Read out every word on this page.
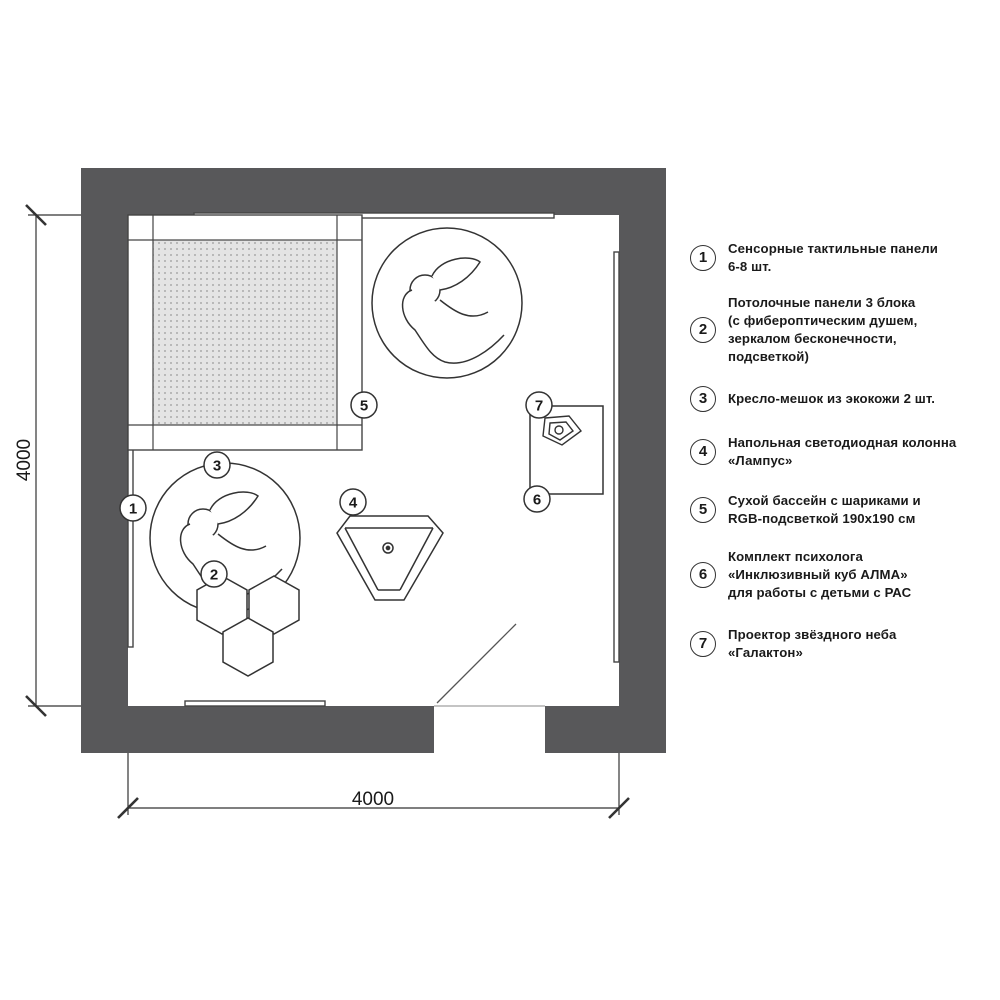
4000
4000
1
2
3
4
5
6
7
1
Сенсорные тактильные панели
6-8 шт.
2
Потолочные панели 3 блока
(с фибероптическим душем,
зеркалом бесконечности,
подсветкой)
3	Кресло-мешок из экокожи 2 шт.
4
Напольная светодиодная колонна
«Лампус»
5
Сухой бассейн с шариками и
RGB-подсветкой 190х190 см
6
Комплект психолога
«Инклюзивный куб АЛМА»
для работы с детьми с РАС
7
Проектор звёздного неба
«Галактон»
